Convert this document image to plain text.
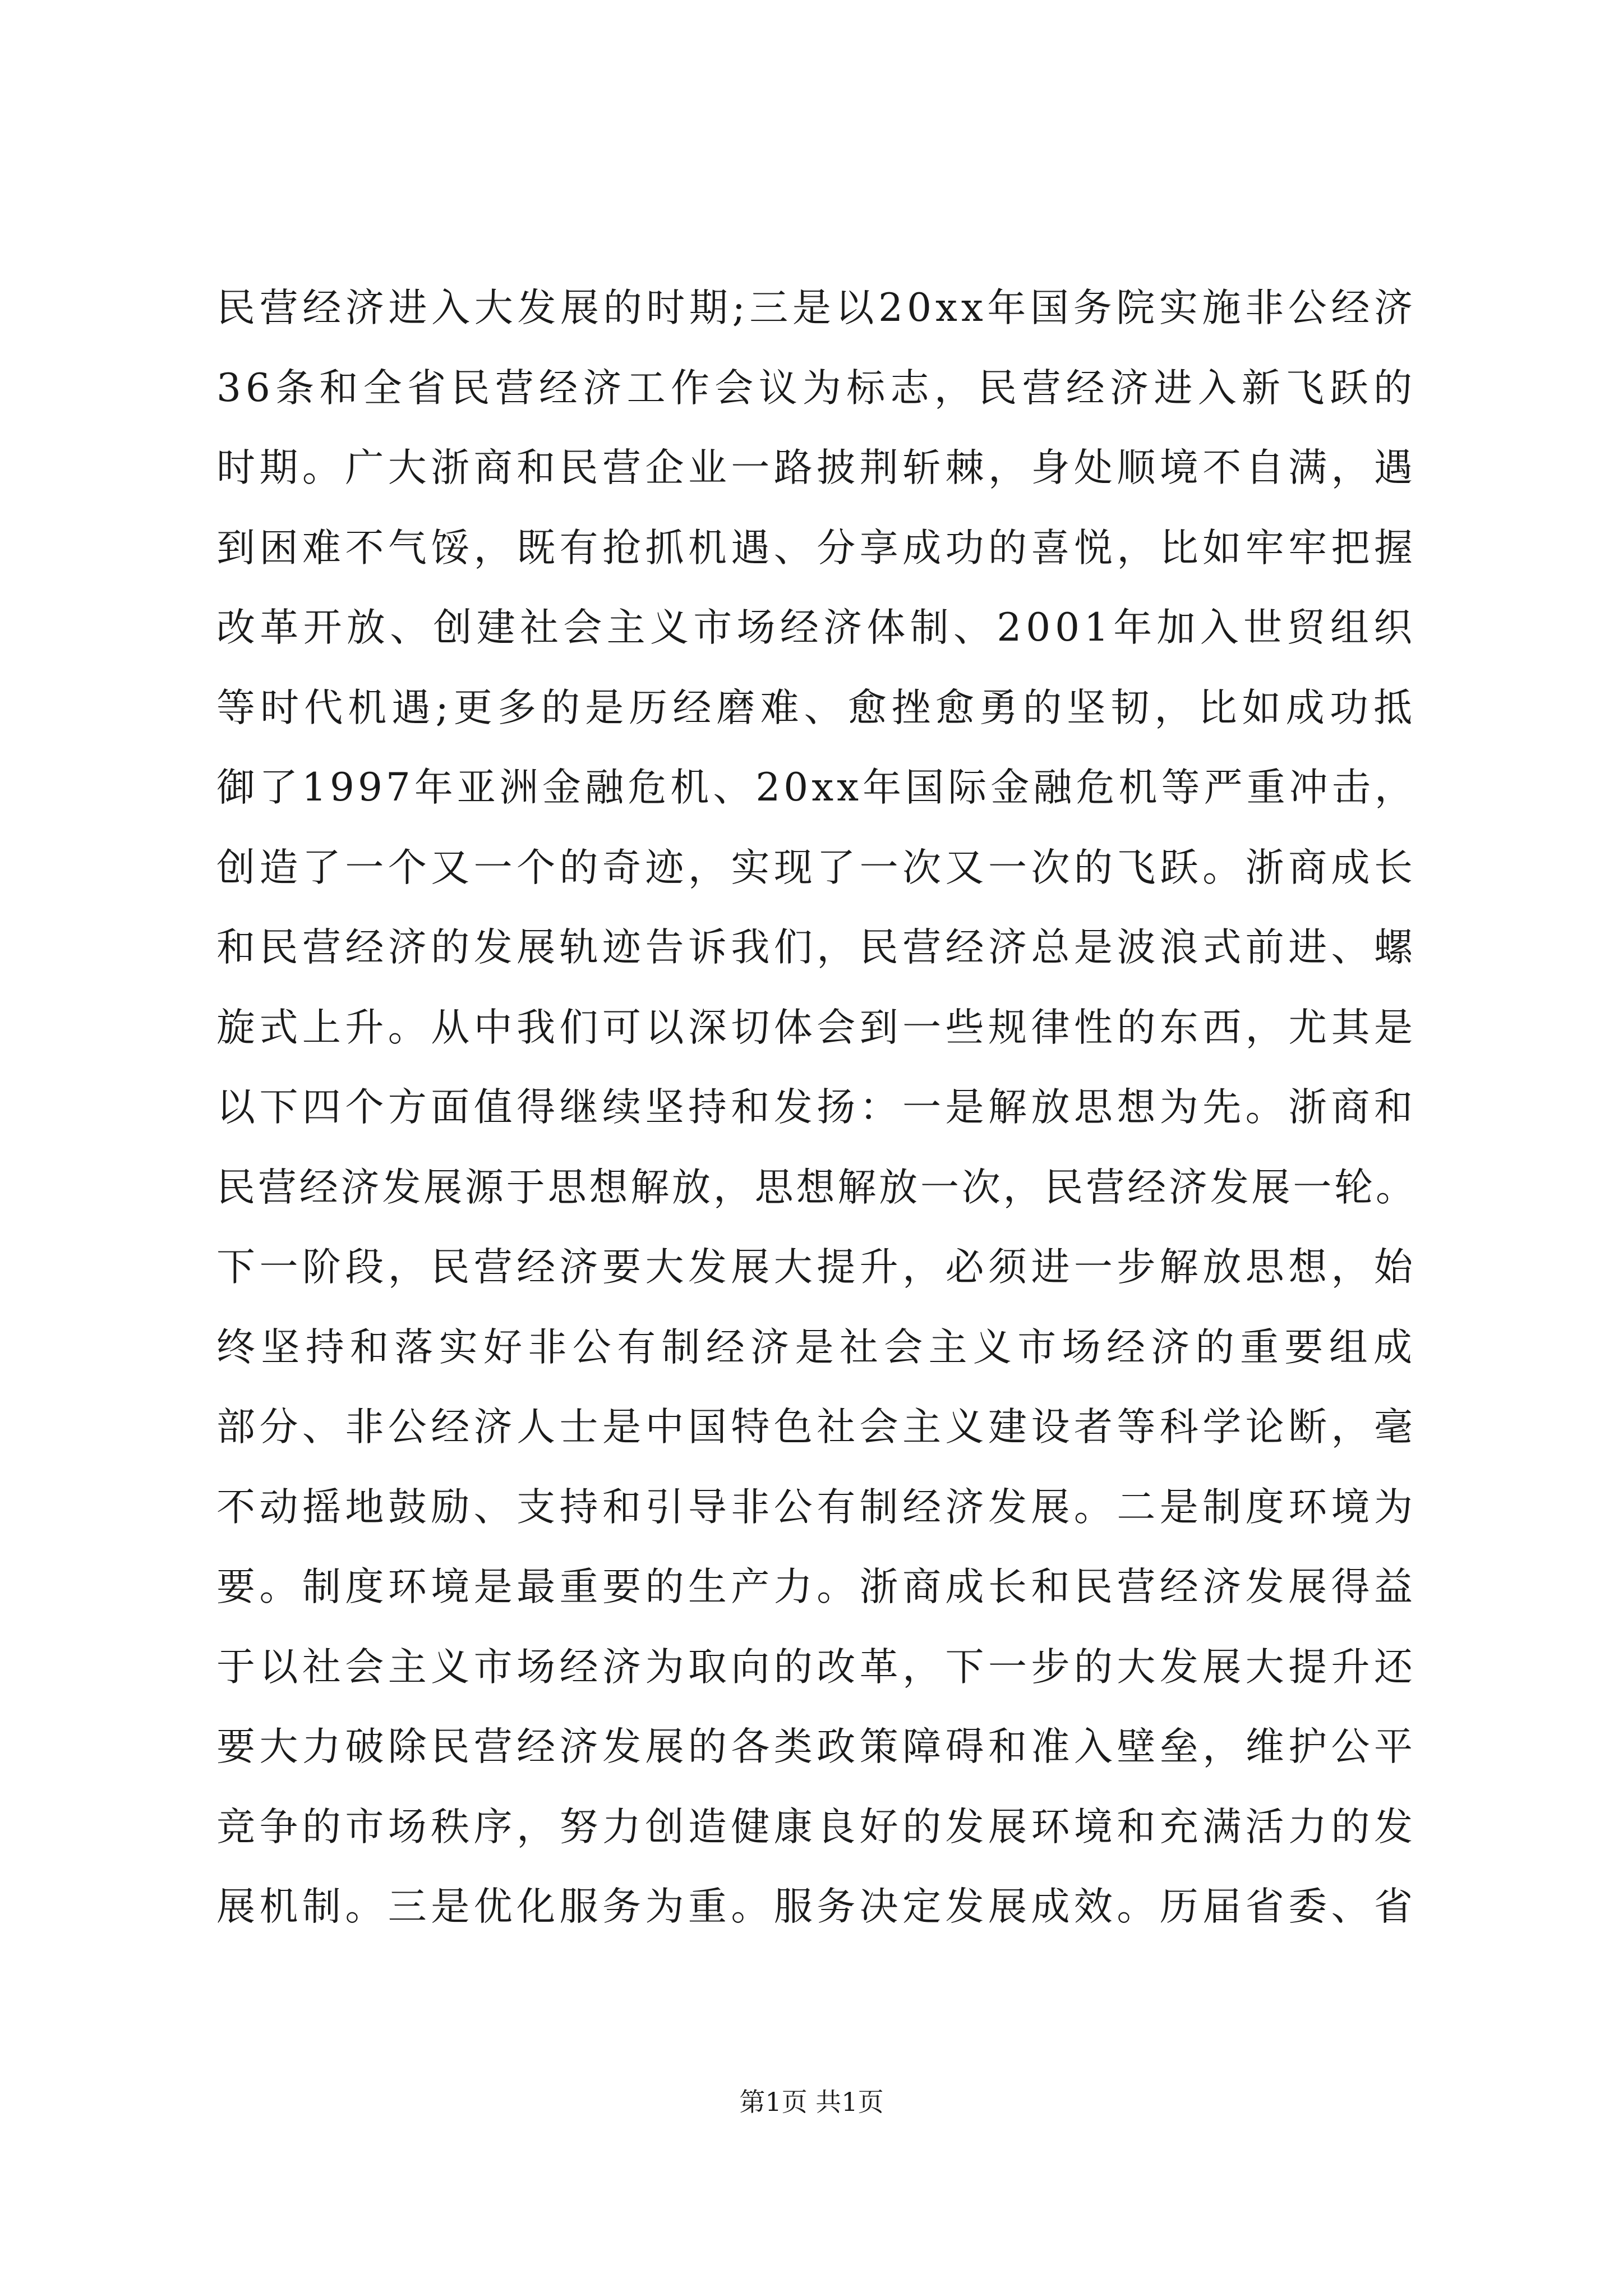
民营经济进入大发展的时期;三是以20xx年国务院实施非公经济
36条和全省民营经济工作会议为标志，民营经济进入新飞跃的
时期。广大浙商和民营企业一路披荆斩棘，身处顺境不自满，遇
到困难不气馁，既有抢抓机遇、分享成功的喜悦，比如牢牢把握
改革开放、创建社会主义市场经济体制、2001年加入世贸组织
等时代机遇;更多的是历经磨难、愈挫愈勇的坚韧，比如成功抵
御了1997年亚洲金融危机、20xx年国际金融危机等严重冲击，
创造了一个又一个的奇迹，实现了一次又一次的飞跃。浙商成长
和民营经济的发展轨迹告诉我们，民营经济总是波浪式前进、螺
旋式上升。从中我们可以深切体会到一些规律性的东西，尤其是
以下四个方面值得继续坚持和发扬：一是解放思想为先。浙商和
民营经济发展源于思想解放，思想解放一次，民营经济发展一轮。
下一阶段，民营经济要大发展大提升，必须进一步解放思想，始
终坚持和落实好非公有制经济是社会主义市场经济的重要组成
部分、非公经济人士是中国特色社会主义建设者等科学论断，毫
不动摇地鼓励、支持和引导非公有制经济发展。二是制度环境为
要。制度环境是最重要的生产力。浙商成长和民营经济发展得益
于以社会主义市场经济为取向的改革，下一步的大发展大提升还
要大力破除民营经济发展的各类政策障碍和准入壁垒，维护公平
竞争的市场秩序，努力创造健康良好的发展环境和充满活力的发
展机制。三是优化服务为重。服务决定发展成效。历届省委、省
第1页 共1页
